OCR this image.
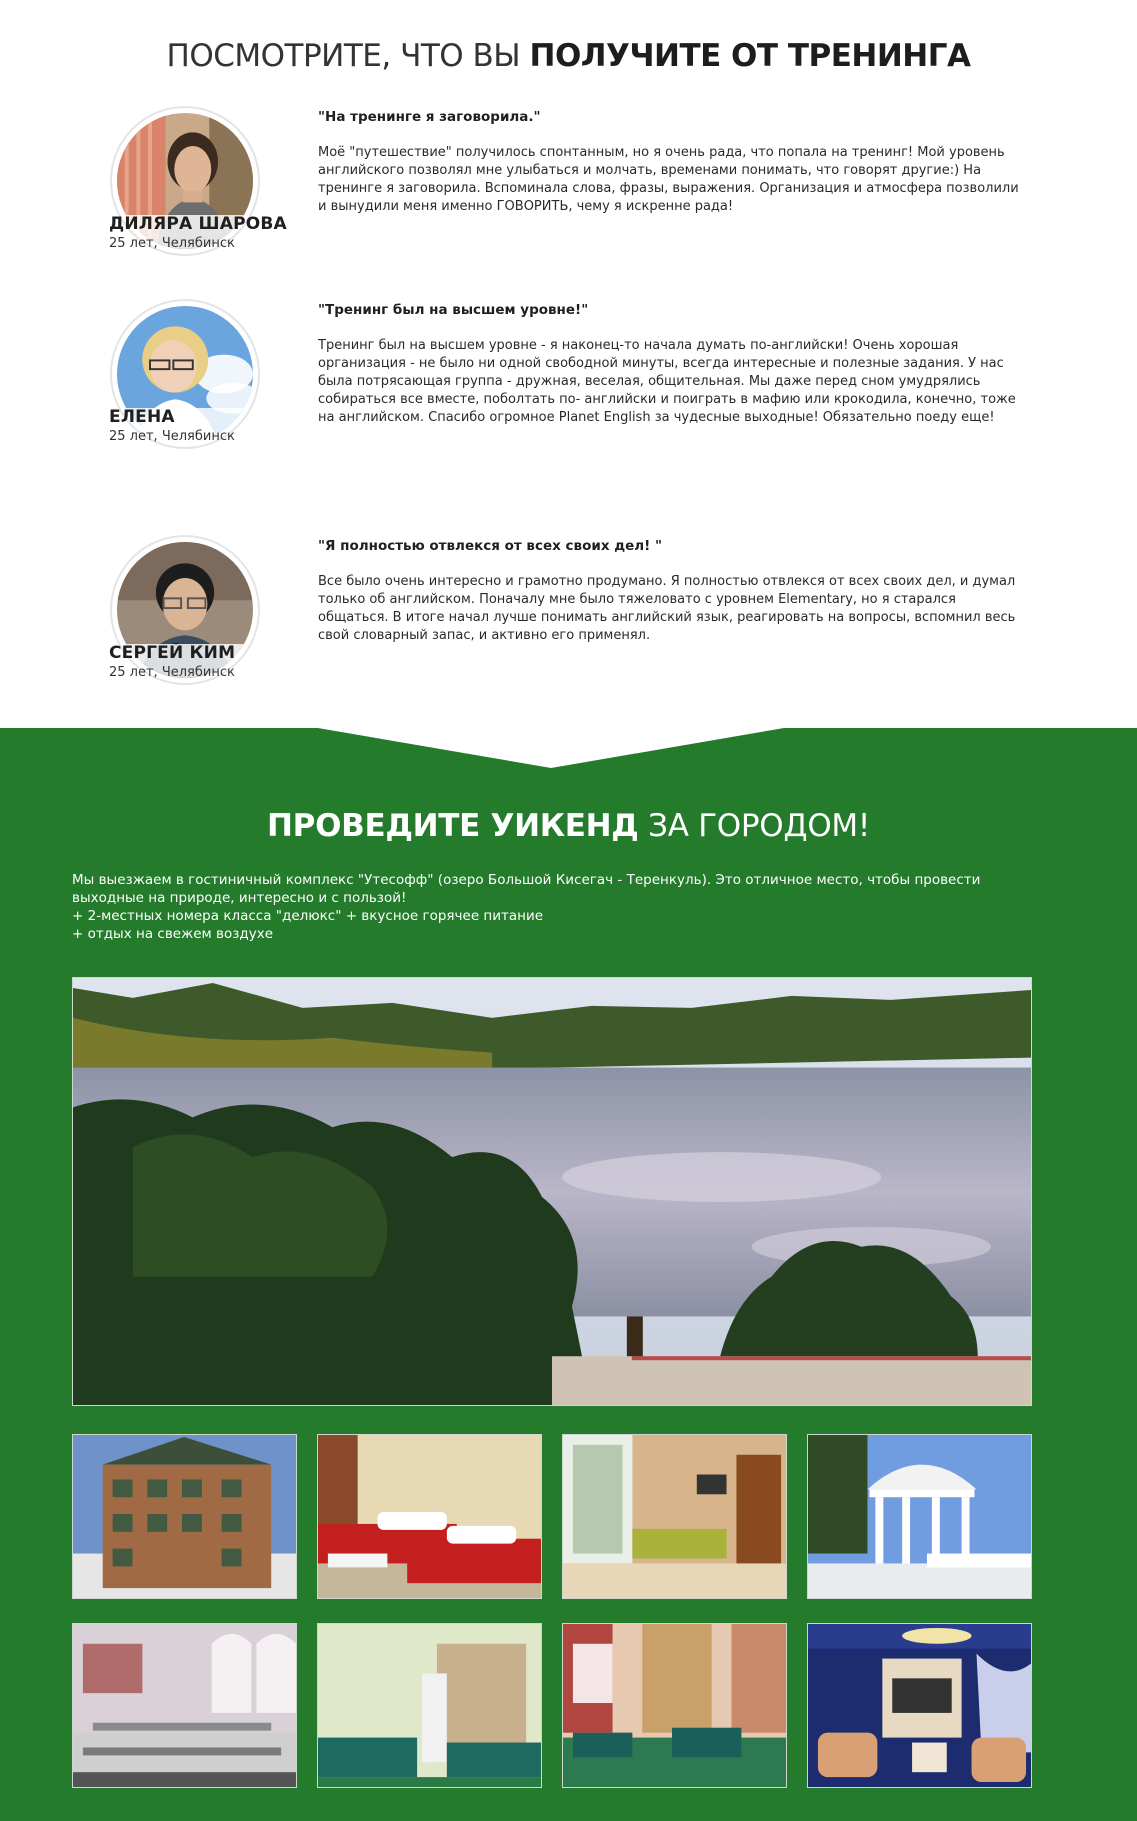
ПОСМОТРИТЕ, ЧТО ВЫ ПОЛУЧИТЕ ОТ ТРЕНИНГА
ДИЛЯРА ШАРОВА
25 лет, Челябинск
"На тренинге я заговорила."
Моё "путешествие" получилось спонтанным, но я очень рада, что попала на тренинг! Мой уровень английского позволял мне улыбаться и молчать, временами понимать, что говорят другие:) На тренинге я заговорила. Вспоминала слова, фразы, выражения. Организация и атмосфера позволили и вынудили меня именно ГОВОРИТЬ, чему я искренне рада!
ЕЛЕНА
25 лет, Челябинск
"Тренинг был на высшем уровне!"
Тренинг был на высшем уровне - я наконец-то начала думать по-английски! Очень хорошая организация - не было ни одной свободной минуты, всегда интересные и полезные задания. У нас была потрясающая группа - дружная, веселая, общительная. Мы даже перед сном умудрялись собираться все вместе, поболтать по- английски и поиграть в мафию или крокодила, конечно, тоже на английском. Спасибо огромное Planet English за чудесные выходные! Обязательно поеду еще!
СЕРГЕЙ КИМ
25 лет, Челябинск
"Я полностью отвлекся от всех своих дел! "
Все было очень интересно и грамотно продумано. Я полностью отвлекся от всех своих дел, и думал только об английском. Поначалу мне было тяжеловато с уровнем Elementary, но я старался общаться. В итоге начал лучше понимать английский язык, реагировать на вопросы, вспомнил весь свой словарный запас, и активно его применял.
ПРОВЕДИТЕ УИКЕНД ЗА ГОРОДОМ!

Мы выезжаем в гостиничный комплекс "Утесофф" (озеро Большой Кисегач - Теренкуль). Это отличное место, чтобы провести выходные на природе, интересно и с пользой!

+ 2-местных номера класса "делюкс" + вкусное горячее питание

+ отдых на свежем воздухе
